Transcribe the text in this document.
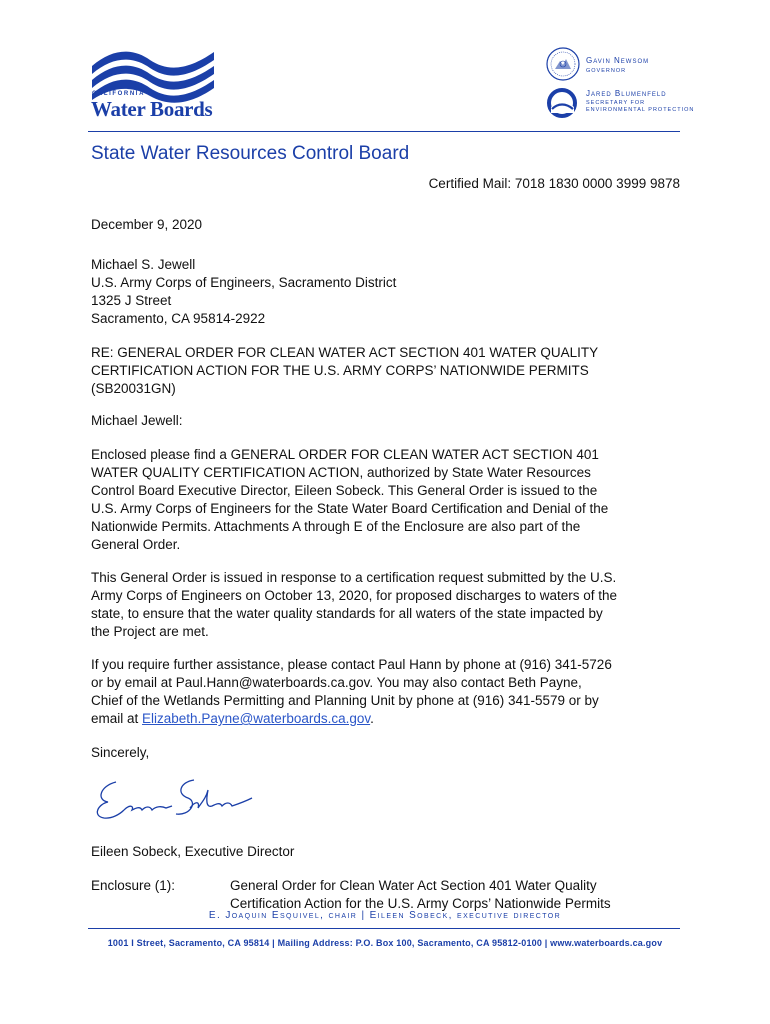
CALIFORNIA
Water Boards
Gavin Newsom
GOVERNOR
Jared Blumenfeld
SECRETARY FOR
ENVIRONMENTAL PROTECTION
State Water Resources Control Board
Certified Mail: 7018 1830 0000 3999 9878
December 9, 2020
Michael S. Jewell
U.S. Army Corps of Engineers, Sacramento District
1325 J Street
Sacramento, CA 95814-2922
RE: GENERAL ORDER FOR CLEAN WATER ACT SECTION 401 WATER QUALITY
CERTIFICATION ACTION FOR THE U.S. ARMY CORPS’ NATIONWIDE PERMITS
(SB20031GN)
Michael Jewell:
Enclosed please find a GENERAL ORDER FOR CLEAN WATER ACT SECTION 401
WATER QUALITY CERTIFICATION ACTION, authorized by State Water Resources
Control Board Executive Director, Eileen Sobeck. This General Order is issued to the
U.S. Army Corps of Engineers for the State Water Board Certification and Denial of the
Nationwide Permits. Attachments A through E of the Enclosure are also part of the
General Order.
This General Order is issued in response to a certification request submitted by the U.S.
Army Corps of Engineers on October 13, 2020, for proposed discharges to waters of the
state, to ensure that the water quality standards for all waters of the state impacted by
the Project are met.
If you require further assistance, please contact Paul Hann by phone at (916) 341-5726
or by email at Paul.Hann@waterboards.ca.gov. You may also contact Beth Payne,
Chief of the Wetlands Permitting and Planning Unit by phone at (916) 341-5579 or by
email at Elizabeth.Payne@waterboards.ca.gov.
Sincerely,
Eileen Sobeck, Executive Director
Enclosure (1):	General Order for Clean Water Act Section 401 Water Quality
Certification Action for the U.S. Army Corps’ Nationwide Permits
E. Joaquin Esquivel, chair | Eileen Sobeck, executive director
1001 I Street, Sacramento, CA 95814 | Mailing Address: P.O. Box 100, Sacramento, CA 95812-0100 | www.waterboards.ca.gov
